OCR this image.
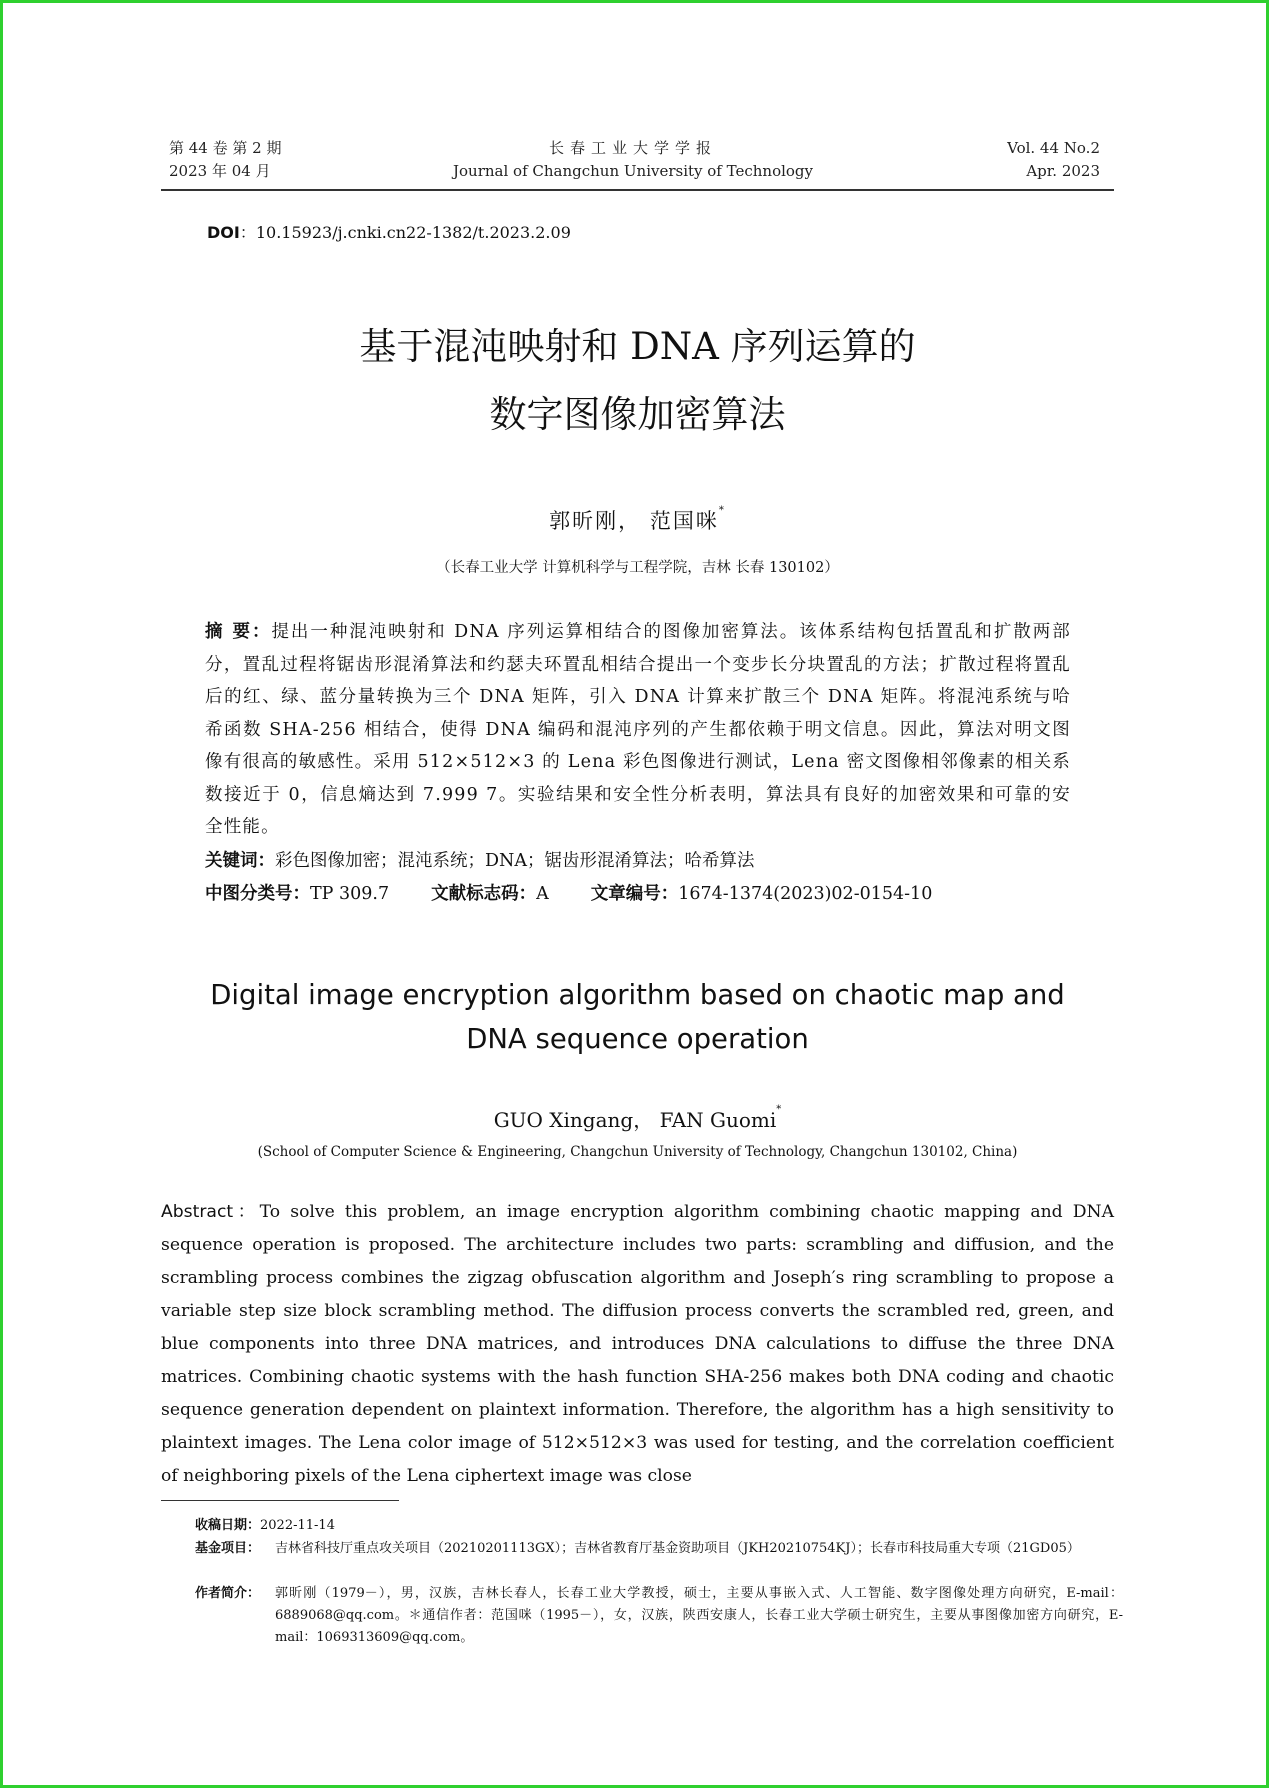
第 44 卷 第 2 期
2023 年 04 月
长春工业大学学报
Journal of Changchun University of Technology
Vol. 44 No.2
Apr. 2023
DOI：10.15923/j.cnki.cn22-1382/t.2023.2.09
基于混沌映射和 DNA 序列运算的
数字图像加密算法
郭昕刚， 范国咪*
（长春工业大学 计算机科学与工程学院，吉林 长春 130102）
摘 要：提出一种混沌映射和 DNA 序列运算相结合的图像加密算法。该体系结构包括置乱和扩散两部分，置乱过程将锯齿形混淆算法和约瑟夫环置乱相结合提出一个变步长分块置乱的方法；扩散过程将置乱后的红、绿、蓝分量转换为三个 DNA 矩阵，引入 DNA 计算来扩散三个 DNA 矩阵。将混沌系统与哈希函数 SHA-256 相结合，使得 DNA 编码和混沌序列的产生都依赖于明文信息。因此，算法对明文图像有很高的敏感性。采用 512×512×3 的 Lena 彩色图像进行测试，Lena 密文图像相邻像素的相关系数接近于 0，信息熵达到 7.999 7。实验结果和安全性分析表明，算法具有良好的加密效果和可靠的安全性能。
关键词：彩色图像加密；混沌系统；DNA；锯齿形混淆算法；哈希算法
中图分类号：TP 309.7 文献标志码：A 文章编号：1674-1374(2023)02-0154-10
Digital image encryption algorithm based on chaotic map and
DNA sequence operation
GUO Xingang， FAN Guomi*
(School of Computer Science & Engineering, Changchun University of Technology, Changchun 130102, China)
Abstract：To solve this problem, an image encryption algorithm combining chaotic mapping and DNA sequence operation is proposed. The architecture includes two parts: scrambling and diffusion, and the scrambling process combines the zigzag obfuscation algorithm and Joseph′s ring scrambling to propose a variable step size block scrambling method. The diffusion process converts the scrambled red, green, and blue components into three DNA matrices, and introduces DNA calculations to diffuse the three DNA matrices. Combining chaotic systems with the hash function SHA-256 makes both DNA coding and chaotic sequence generation dependent on plaintext information. Therefore, the algorithm has a high sensitivity to plaintext images. The Lena color image of 512×512×3 was used for testing, and the correlation coefficient of neighboring pixels of the Lena ciphertext image was close
收稿日期：2022-11-14
基金项目： 吉林省科技厅重点攻关项目（20210201113GX）；吉林省教育厅基金资助项目（JKH20210754KJ）；长春市科技局重大专项（21GD05）
作者简介： 郭昕刚（1979－），男，汉族，吉林长春人，长春工业大学教授，硕士，主要从事嵌入式、人工智能、数字图像处理方向研究，E-mail：6889068@qq.com。＊通信作者：范国咪（1995－），女，汉族，陕西安康人，长春工业大学硕士研究生，主要从事图像加密方向研究，E-mail：1069313609@qq.com。
